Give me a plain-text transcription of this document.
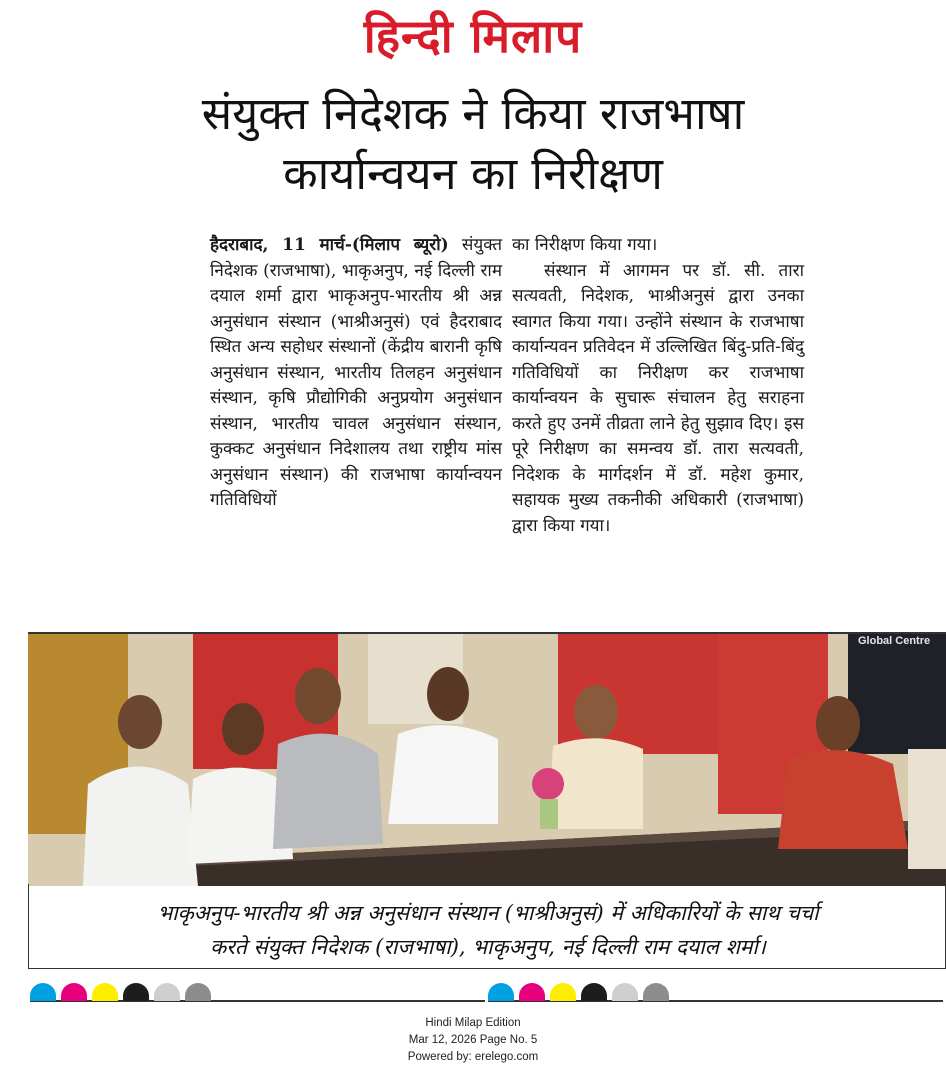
हिन्दी मिलाप
संयुक्त निदेशक ने किया राजभाषा
कार्यान्वयन का निरीक्षण

हैदराबाद, 11 मार्च-(मिलाप ब्यूरो) संयुक्त निदेशक (राजभाषा), भाकृअनुप, नई दिल्ली राम दयाल शर्मा द्वारा भाकृअनुप-भारतीय श्री अन्न अनुसंधान संस्थान (भाश्रीअनुसं) एवं हैदराबाद स्थित अन्य सहोधर संस्थानों (केंद्रीय बारानी कृषि अनुसंधान संस्थान, भारतीय तिलहन अनुसंधान संस्थान, कृषि प्रौद्योगिकी अनुप्रयोग अनुसंधान संस्थान, भारतीय चावल अनुसंधान संस्थान, कुक्कट अनुसंधान निदेशालय तथा राष्ट्रीय मांस अनुसंधान संस्थान) की राजभाषा कार्यान्वयन गतिविधियों

का निरीक्षण किया गया।

संस्थान में आगमन पर डॉ. सी. तारा सत्यवती, निदेशक, भाश्रीअनुसं द्वारा उनका स्वागत किया गया। उन्होंने संस्थान के राजभाषा कार्यान्यवन प्रतिवेदन में उल्लिखित बिंदु-प्रति-बिंदु गतिविधियों का निरीक्षण कर राजभाषा कार्यान्वयन के सुचारू संचालन हेतु सराहना करते हुए उनमें तीव्रता लाने हेतु सुझाव दिए। इस पूरे निरीक्षण का समन्वय डॉ. तारा सत्यवती, निदेशक के मार्गदर्शन में डॉ. महेश कुमार, सहायक मुख्य तकनीकी अधिकारी (राजभाषा) द्वारा किया गया।

Global Centre
भाकृअनुप-भारतीय श्री अन्न अनुसंधान संस्थान (भाश्रीअनुसं) में अधिकारियों के साथ चर्चा
करते संयुक्त निदेशक (राजभाषा), भाकृअनुप, नई दिल्ली राम दयाल शर्मा।
Hindi Milap Edition
Mar 12, 2026 Page No. 5
Powered by: erelego.com
